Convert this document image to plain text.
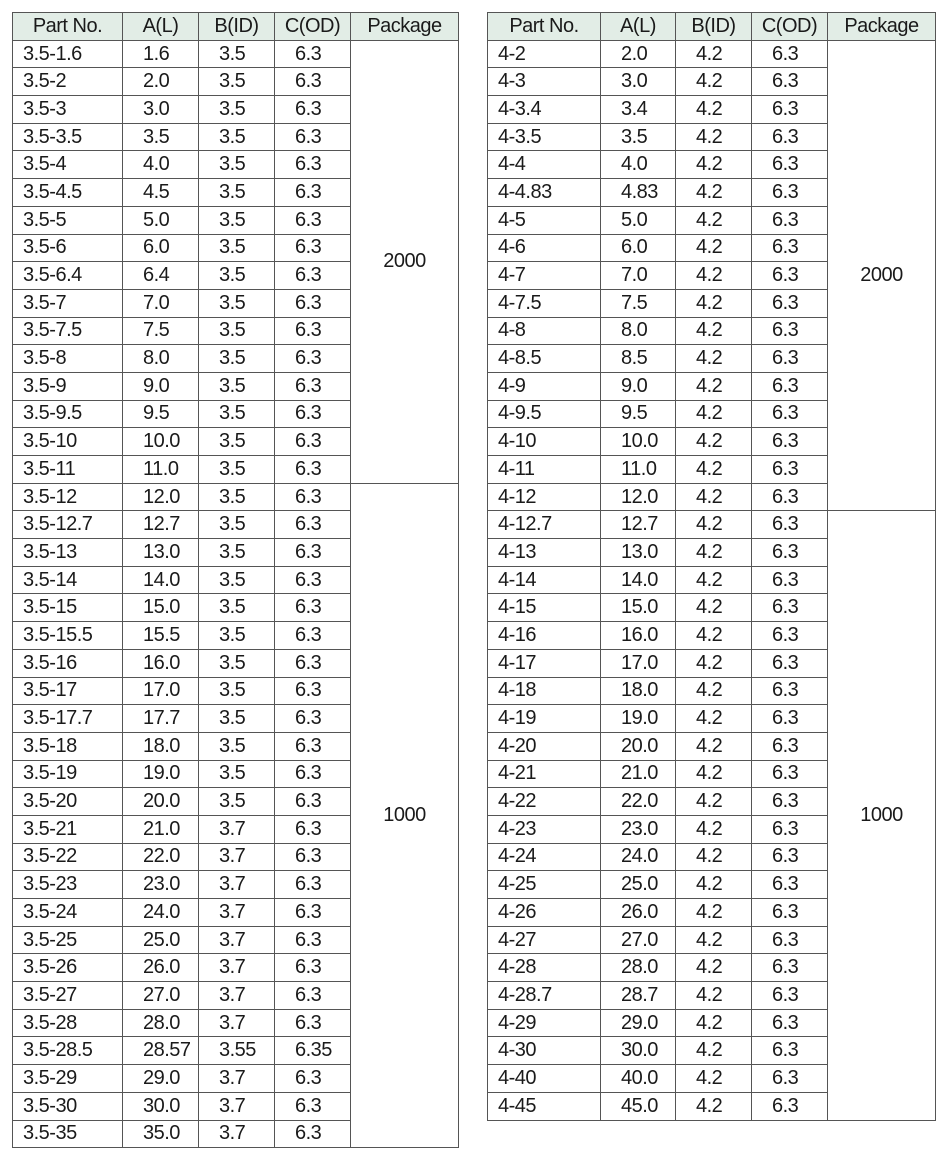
Part No.	A(L)	B(ID)	C(OD)	Package
3.5-1.6	1.6	3.5	6.3	2000
3.5-2	2.0	3.5	6.3	
3.5-3	3.0	3.5	6.3	
3.5-3.5	3.5	3.5	6.3	
3.5-4	4.0	3.5	6.3	
3.5-4.5	4.5	3.5	6.3	
3.5-5	5.0	3.5	6.3	
3.5-6	6.0	3.5	6.3	
3.5-6.4	6.4	3.5	6.3	
3.5-7	7.0	3.5	6.3	
3.5-7.5	7.5	3.5	6.3	
3.5-8	8.0	3.5	6.3	
3.5-9	9.0	3.5	6.3	
3.5-9.5	9.5	3.5	6.3	
3.5-10	10.0	3.5	6.3	
3.5-11	11.0	3.5	6.3	
3.5-12	12.0	3.5	6.3	1000
3.5-12.7	12.7	3.5	6.3	
3.5-13	13.0	3.5	6.3	
3.5-14	14.0	3.5	6.3	
3.5-15	15.0	3.5	6.3	
3.5-15.5	15.5	3.5	6.3	
3.5-16	16.0	3.5	6.3	
3.5-17	17.0	3.5	6.3	
3.5-17.7	17.7	3.5	6.3	
3.5-18	18.0	3.5	6.3	
3.5-19	19.0	3.5	6.3	
3.5-20	20.0	3.5	6.3	
3.5-21	21.0	3.7	6.3	
3.5-22	22.0	3.7	6.3	
3.5-23	23.0	3.7	6.3	
3.5-24	24.0	3.7	6.3	
3.5-25	25.0	3.7	6.3	
3.5-26	26.0	3.7	6.3	
3.5-27	27.0	3.7	6.3	
3.5-28	28.0	3.7	6.3	
3.5-28.5	28.57	3.55	6.35	
3.5-29	29.0	3.7	6.3	
3.5-30	30.0	3.7	6.3	
3.5-35	35.0	3.7	6.3	
Part No.	A(L)	B(ID)	C(OD)	Package
4-2	2.0	4.2	6.3	2000
4-3	3.0	4.2	6.3	
4-3.4	3.4	4.2	6.3	
4-3.5	3.5	4.2	6.3	
4-4	4.0	4.2	6.3	
4-4.83	4.83	4.2	6.3	
4-5	5.0	4.2	6.3	
4-6	6.0	4.2	6.3	
4-7	7.0	4.2	6.3	
4-7.5	7.5	4.2	6.3	
4-8	8.0	4.2	6.3	
4-8.5	8.5	4.2	6.3	
4-9	9.0	4.2	6.3	
4-9.5	9.5	4.2	6.3	
4-10	10.0	4.2	6.3	
4-11	11.0	4.2	6.3	
4-12	12.0	4.2	6.3	
4-12.7	12.7	4.2	6.3	1000
4-13	13.0	4.2	6.3	
4-14	14.0	4.2	6.3	
4-15	15.0	4.2	6.3	
4-16	16.0	4.2	6.3	
4-17	17.0	4.2	6.3	
4-18	18.0	4.2	6.3	
4-19	19.0	4.2	6.3	
4-20	20.0	4.2	6.3	
4-21	21.0	4.2	6.3	
4-22	22.0	4.2	6.3	
4-23	23.0	4.2	6.3	
4-24	24.0	4.2	6.3	
4-25	25.0	4.2	6.3	
4-26	26.0	4.2	6.3	
4-27	27.0	4.2	6.3	
4-28	28.0	4.2	6.3	
4-28.7	28.7	4.2	6.3	
4-29	29.0	4.2	6.3	
4-30	30.0	4.2	6.3	
4-40	40.0	4.2	6.3	
4-45	45.0	4.2	6.3	
